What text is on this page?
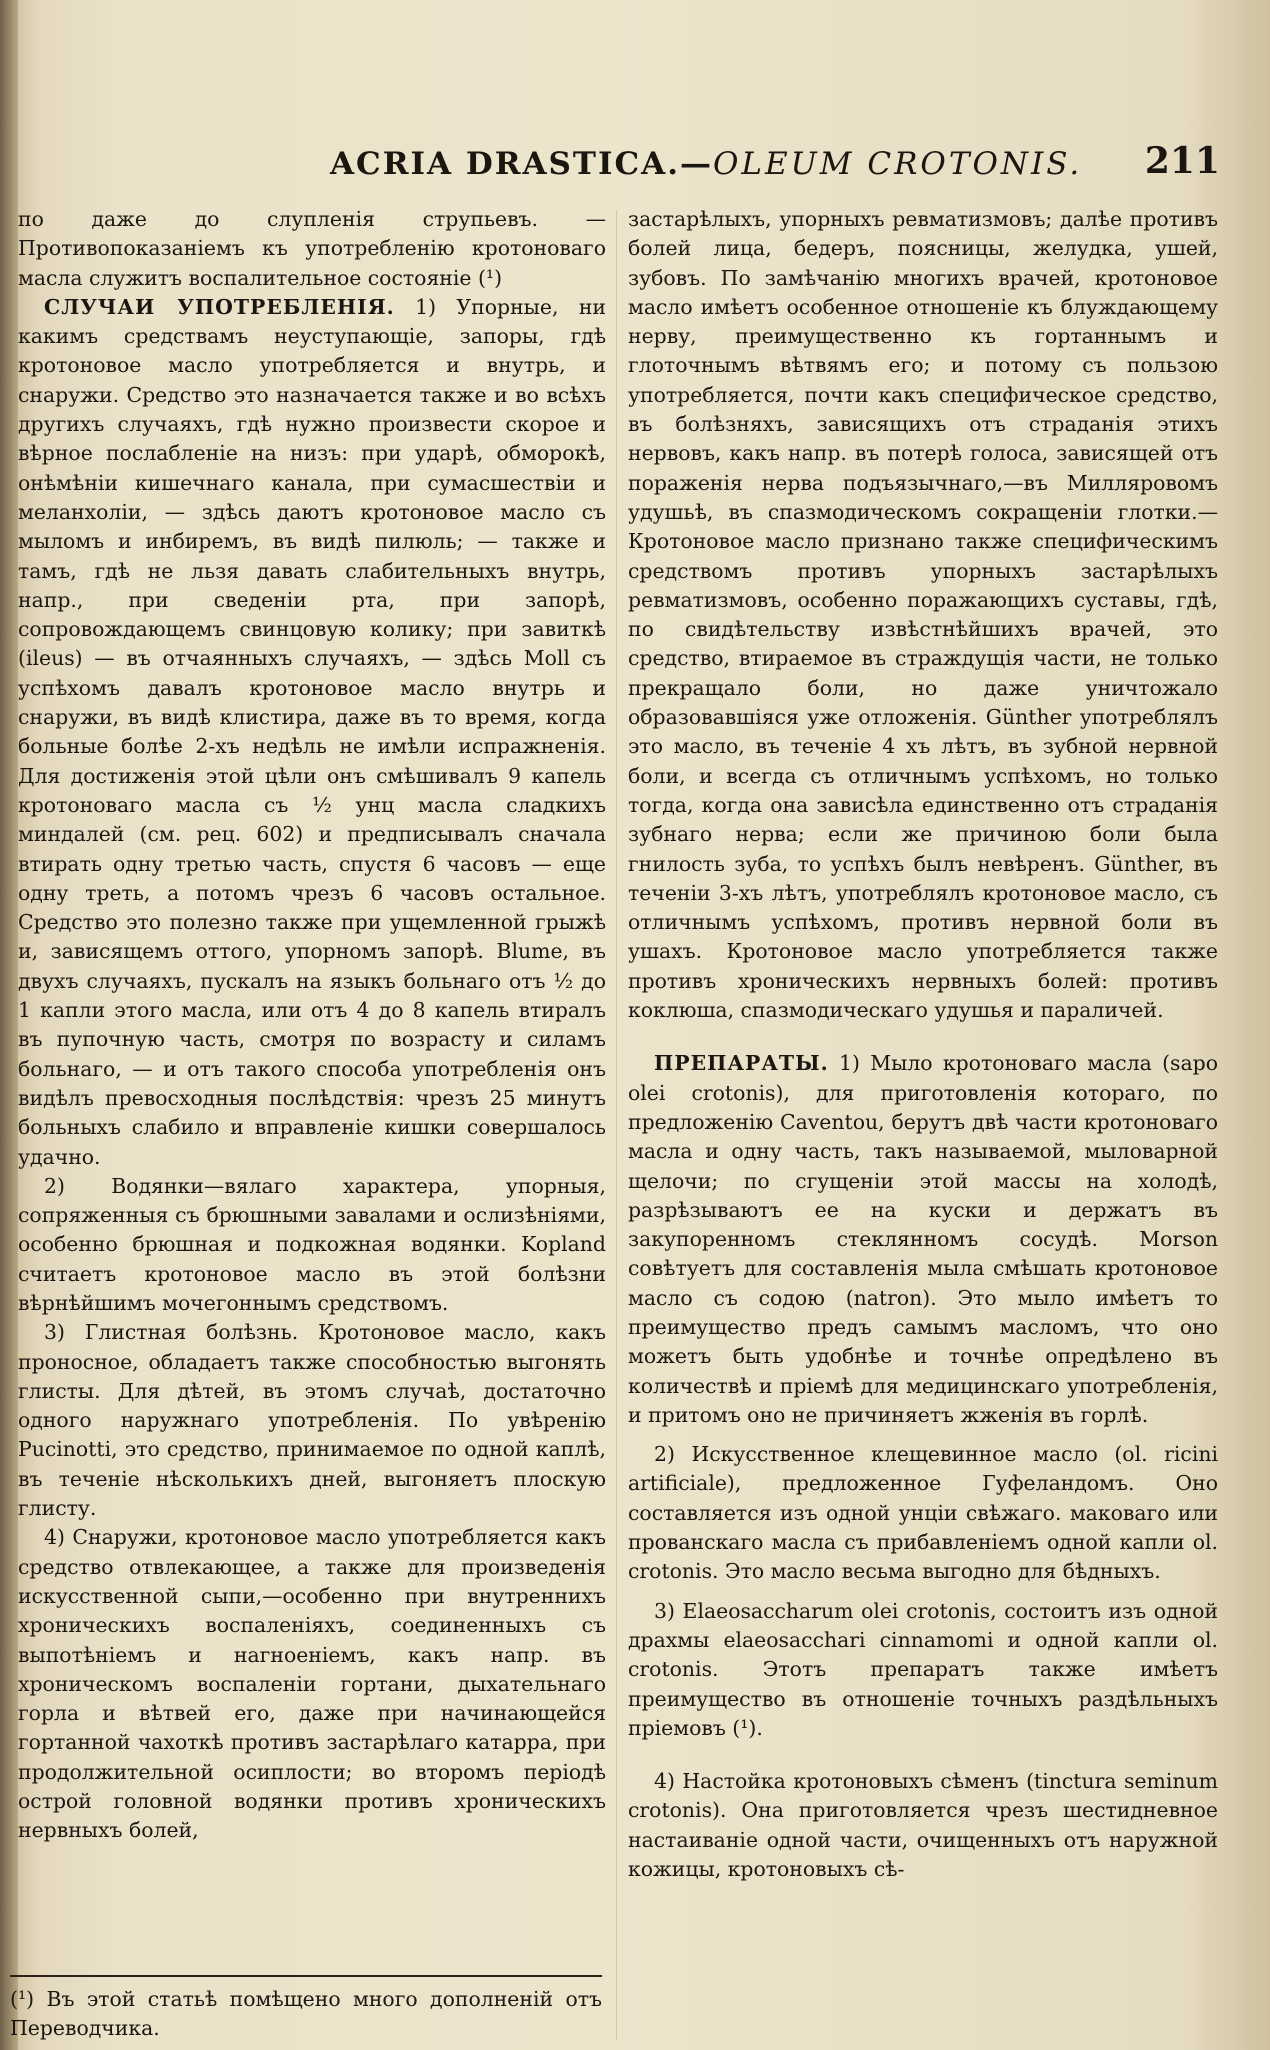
ACRIA DRASTICA.—OLEUM CROTONIS. 211

по даже до слупленія струпьевъ. — Противопоказаніемъ къ употребленію кротоноваго масла служитъ воспалительное состояніе (¹)

СЛУЧАИ УПОТРЕБЛЕНІЯ. 1) Упорные, ни какимъ средствамъ неуступающіе, запоры, гдѣ кротоновое масло употребляется и внутрь, и снаружи. Средство это назначается также и во всѣхъ другихъ случаяхъ, гдѣ нужно произвести скорое и вѣрное послабленіе на низъ: при ударѣ, обморокѣ, онѣмѣніи кишечнаго канала, при сумасшествіи и меланхоліи, — здѣсь даютъ кротоновое масло съ мыломъ и инбиремъ, въ видѣ пилюль; — также и тамъ, гдѣ не льзя давать слабительныхъ внутрь, напр., при сведеніи рта, при запорѣ, сопровождающемъ свинцовую колику; при завиткѣ (ileus) — въ отчаянныхъ случаяхъ, — здѣсь Moll съ успѣхомъ давалъ кротоновое масло внутрь и снаружи, въ видѣ клистира, даже въ то время, когда больные болѣе 2-хъ недѣль не имѣли испражненія. Для достиженія этой цѣли онъ смѣшивалъ 9 капель кротоноваго масла съ ½ унц масла сладкихъ миндалей (см. рец. 602) и предписывалъ сначала втирать одну третью часть, спустя 6 часовъ — еще одну треть, а потомъ чрезъ 6 часовъ остальное. Средство это полезно также при ущемленной грыжѣ и, зависящемъ оттого, упорномъ запорѣ. Blume, въ двухъ случаяхъ, пускалъ на языкъ больнаго отъ ½ до 1 капли этого масла, или отъ 4 до 8 капель втиралъ въ пупочную часть, смотря по возрасту и силамъ больнаго, — и отъ такого способа употребленія онъ видѣлъ превосходныя послѣдствія: чрезъ 25 минутъ больныхъ слабило и вправленіе кишки совершалось удачно.

2) Водянки—вялаго характера, упорныя, сопряженныя съ брюшными завалами и ослизѣніями, особенно брюшная и подкожная водянки. Kopland считаетъ кротоновое масло въ этой болѣзни вѣрнѣйшимъ мочегоннымъ средствомъ.

3) Глистная болѣзнь. Кротоновое масло, какъ проносное, обладаетъ также способностью выгонять глисты. Для дѣтей, въ этомъ случаѣ, достаточно одного наружнаго употребленія. По увѣренію Pucinotti, это средство, принимаемое по одной каплѣ, въ теченіе нѣсколькихъ дней, выгоняетъ плоскую глисту.

4) Снаружи, кротоновое масло употребляется какъ средство отвлекающее, а также для произведенія искусственной сыпи,—особенно при внутреннихъ хроническихъ воспаленіяхъ, соединенныхъ съ выпотѣніемъ и нагноеніемъ, какъ напр. въ хроническомъ воспаленіи гортани, дыхательнаго горла и вѣтвей его, даже при начинающейся гортанной чахоткѣ противъ застарѣлаго катарра, при продолжительной осиплости; во второмъ періодѣ острой головной водянки противъ хроническихъ нервныхъ болей,

(¹) Въ этой статьѣ помѣщено много дополненій отъ Переводчика.

застарѣлыхъ, упорныхъ ревматизмовъ; далѣе противъ болей лица, бедеръ, поясницы, желудка, ушей, зубовъ. По замѣчанію многихъ врачей, кротоновое масло имѣетъ особенное отношеніе къ блуждающему нерву, преимущественно къ гортаннымъ и глоточнымъ вѣтвямъ его; и потому съ пользою употребляется, почти какъ специфическое средство, въ болѣзняхъ, зависящихъ отъ страданія этихъ нервовъ, какъ напр. въ потерѣ голоса, зависящей отъ пораженія нерва подъязычнаго,—въ Милляровомъ удушьѣ, въ спазмодическомъ сокращеніи глотки.—Кротоновое масло признано также специфическимъ средствомъ противъ упорныхъ застарѣлыхъ ревматизмовъ, особенно поражающихъ суставы, гдѣ, по свидѣтельству извѣстнѣйшихъ врачей, это средство, втираемое въ страждущія части, не только прекращало боли, но даже уничтожало образовавшіяся уже отложенія. Günther употреблялъ это масло, въ теченіе 4 хъ лѣтъ, въ зубной нервной боли, и всегда съ отличнымъ успѣхомъ, но только тогда, когда она зависѣла единственно отъ страданія зубнаго нерва; если же причиною боли была гнилость зуба, то успѣхъ былъ невѣренъ. Günther, въ теченіи 3-хъ лѣтъ, употреблялъ кротоновое масло, съ отличнымъ успѣхомъ, противъ нервной боли въ ушахъ. Кротоновое масло употребляется также противъ хроническихъ нервныхъ болей: противъ коклюша, спазмодическаго удушья и параличей.

ПРЕПАРАТЫ. 1) Мыло кротоноваго масла (sapo olei crotonis), для приготовленія котораго, по предложенію Caventou, берутъ двѣ части кротоноваго масла и одну часть, такъ называемой, мыловарной щелочи; по сгущеніи этой массы на холодѣ, разрѣзываютъ ее на куски и держатъ въ закупоренномъ стеклянномъ сосудѣ. Morson совѣтуетъ для составленія мыла смѣшать кротоновое масло съ содою (natron). Это мыло имѣетъ то преимущество предъ самымъ масломъ, что оно можетъ быть удобнѣе и точнѣе опредѣлено въ количествѣ и пріемѣ для медицинскаго употребленія, и притомъ оно не причиняетъ жженія въ горлѣ.

2) Искусственное клещевинное масло (ol. ricini artificiale), предложенное Гуфеландомъ. Оно составляется изъ одной унціи свѣжаго. маковаго или прованскаго масла съ прибавленіемъ одной капли ol. crotonis. Это масло весьма выгодно для бѣдныхъ.

3) Elaeosaccharum olei crotonis, состоитъ изъ одной драхмы elaeosacchari cinnamomi и одной капли ol. crotonis. Этотъ препаратъ также имѣетъ преимущество въ отношеніе точныхъ раздѣльныхъ пріемовъ (¹).

4) Настойка кротоновыхъ сѣменъ (tinctura seminum crotonis). Она приготовляется чрезъ шестидневное настаиваніе одной части, очищенныхъ отъ наружной кожицы, кротоновыхъ сѣ-
